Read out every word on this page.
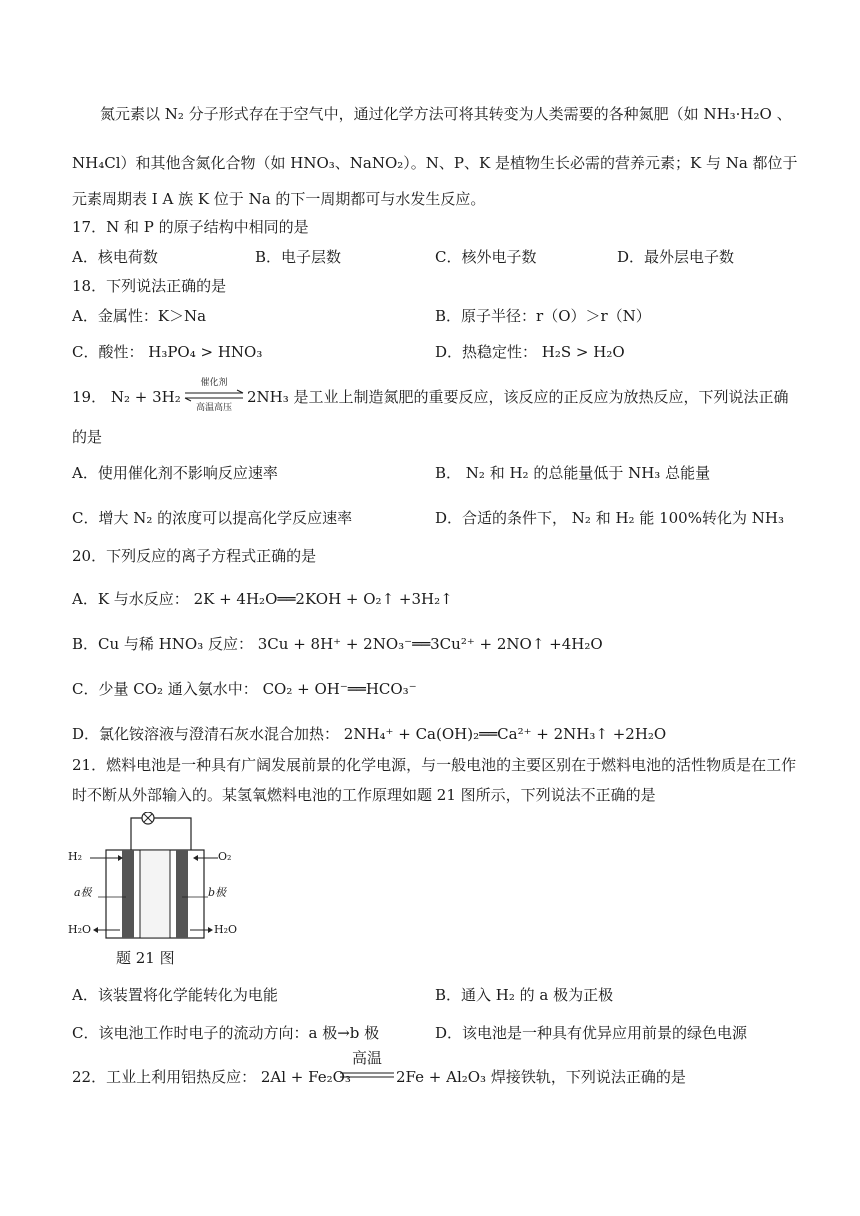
氮元素以 N₂ 分子形式存在于空气中，通过化学方法可将其转变为人类需要的各种氮肥（如 NH₃·H₂O 、
NH₄Cl）和其他含氮化合物（如 HNO₃、NaNO₂）。N、P、K 是植物生长必需的营养元素；K 与 Na 都位于
元素周期表 Ⅰ A 族 K 位于 Na 的下一周期都可与水发生反应。
17．N 和 P 的原子结构中相同的是
A．核电荷数	B．电子层数	C．核外电子数	D．最外层电子数
18．下列说法正确的是
A．金属性：K＞Na	B．原子半径：r（O）＞r（N）
C．酸性： H₃PO₄ > HNO₃	D．热稳定性： H₂S > H₂O
19． N₂ + 3H₂
催化剂
高温高压
2NH₃ 是工业上制造氮肥的重要反应，该反应的正反应为放热反应，下列说法正确
的是
A．使用催化剂不影响反应速率	B． N₂ 和 H₂ 的总能量低于 NH₃ 总能量
C．增大 N₂ 的浓度可以提高化学反应速率	D．合适的条件下， N₂ 和 H₂ 能 100%转化为 NH₃
20．下列反应的离子方程式正确的是
A．K 与水反应： 2K + 4H₂O══2KOH + O₂↑ +3H₂↑
B．Cu 与稀 HNO₃ 反应： 3Cu + 8H⁺ + 2NO₃⁻══3Cu²⁺ + 2NO↑ +4H₂O
C．少量 CO₂ 通入氨水中： CO₂ + OH⁻══HCO₃⁻
D．氯化铵溶液与澄清石灰水混合加热： 2NH₄⁺ + Ca(OH)₂══Ca²⁺ + 2NH₃↑ +2H₂O
21．燃料电池是一种具有广阔发展前景的化学电源，与一般电池的主要区别在于燃料电池的活性物质是在工作
时不断从外部输入的。某氢氧燃料电池的工作原理如题 21 图所示，下列说法不正确的是
H₂	O₂
a极	b极
H₂O	H₂O
题 21 图
A．该装置将化学能转化为电能	B．通入 H₂ 的 a 极为正极
C．该电池工作时电子的流动方向：a 极→b 极	D．该电池是一种具有优异应用前景的绿色电源
22．工业上利用铝热反应： 2Al + Fe₂O₃
高温
2Fe + Al₂O₃ 焊接铁轨，下列说法正确的是
